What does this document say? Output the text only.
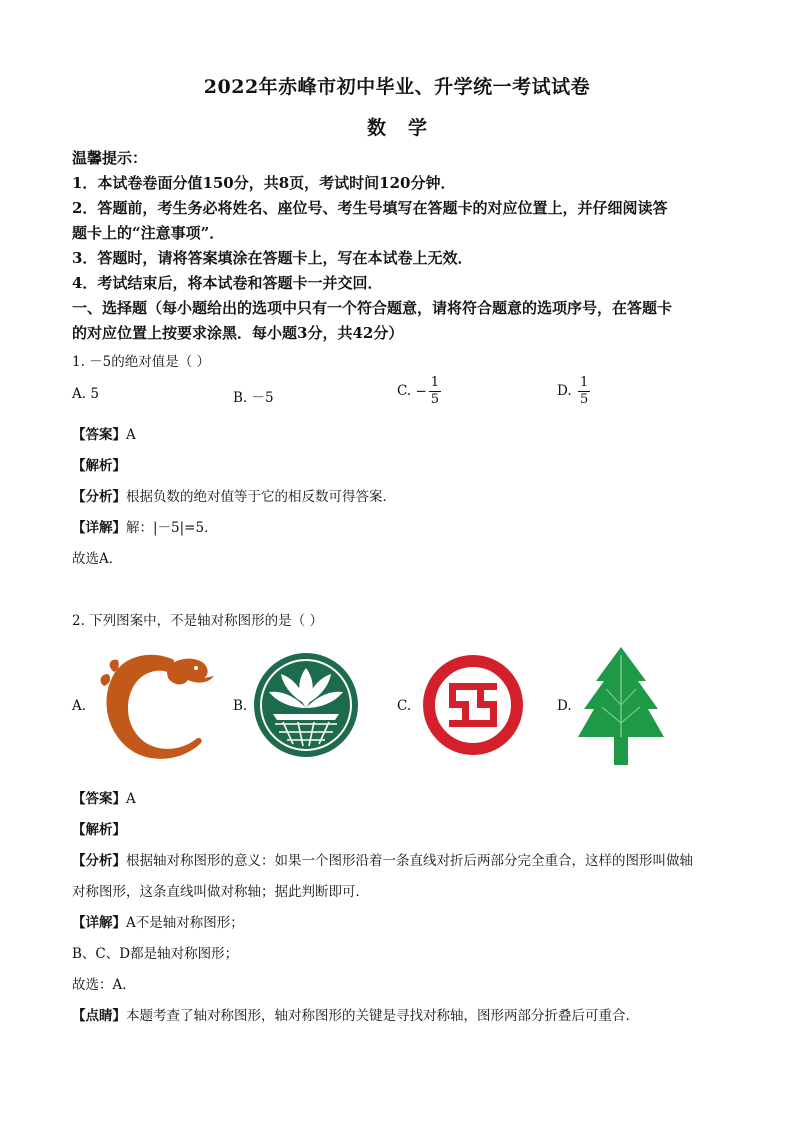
2022年赤峰市初中毕业、升学统一考试试卷
数学
温馨提示：
1．本试卷卷面分值150分，共8页，考试时间120分钟．
2．答题前，考生务必将姓名、座位号、考生号填写在答题卡的对应位置上，并仔细阅读答
题卡上的“注意事项”．
3．答题时，请将答案填涂在答题卡上，写在本试卷上无效．
4．考试结束后，将本试卷和答题卡一并交回．
一、选择题（每小题给出的选项中只有一个符合题意，请将符合题意的选项序号，在答题卡
的对应位置上按要求涂黑．每小题3分，共42分）
1. －5的绝对值是（ ）
A. 5	B. －5	C. − $\frac{1}{5}$	D. $\frac{1}{5}$
【答案】A
【解析】
【分析】根据负数的绝对值等于它的相反数可得答案．
【详解】解：|－5|=5．
故选A．
2. 下列图案中，不是轴对称图形的是（ ）
A.	B.	C.	D.
【答案】A
【解析】
【分析】根据轴对称图形的意义：如果一个图形沿着一条直线对折后两部分完全重合，这样的图形叫做轴
对称图形，这条直线叫做对称轴；据此判断即可．
【详解】A不是轴对称图形；
B、C、D都是轴对称图形；
故选：A．
【点睛】本题考查了轴对称图形，轴对称图形的关键是寻找对称轴，图形两部分折叠后可重合．
